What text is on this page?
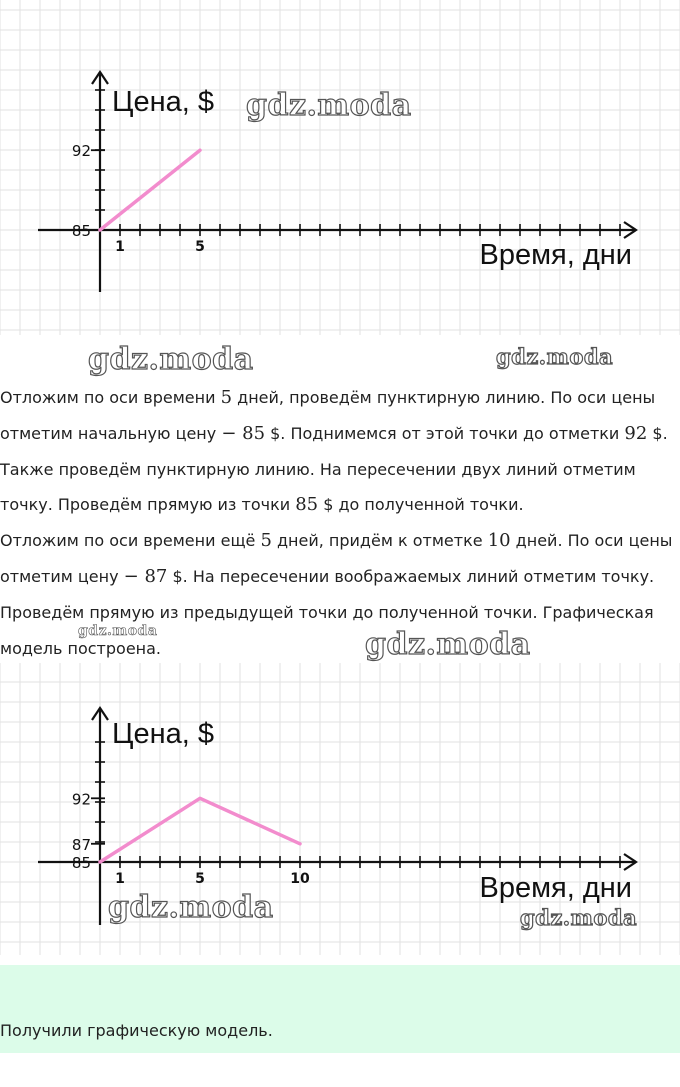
1	5
85
92
Цена, $
Время, дни

Отложим по оси времени 5 дней, проведём пунктирную линию. По оси цены отметим начальную цену − 85 $. Поднимемся от этой точки до отметки 92 $. Также проведём пунктирную линию. На пересечении двух линий отметим точку. Проведём прямую из точки 85 $ до полученной точки.

Отложим по оси времени ещё 5 дней, придём к отметке 10 дней. По оси цены отметим цену − 87 $. На пересечении воображаемых линий отметим точку. Проведём прямую из предыдущей точки до полученной точки. Графическая модель построена.

1	5	10
85
87
92
Цена, $
Время, дни

Получили графическую модель.

gdz.moda
gdz.moda	gdz.moda
gdz.moda	gdz.moda
gdz.moda	gdz.moda
